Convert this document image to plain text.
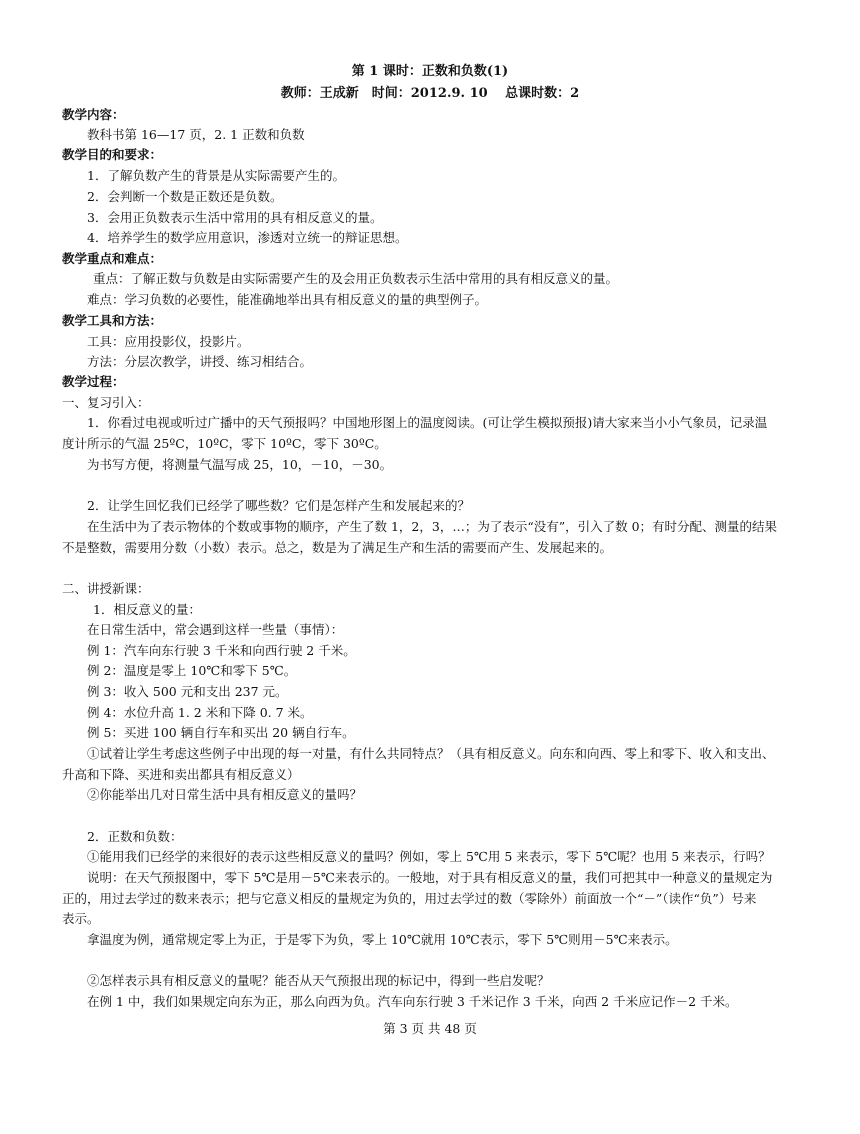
第 1 课时：正数和负数(1)
教师：王成新　时间：2012.9. 10　 总课时数：2
教学内容：
教科书第 16—17 页，2. 1 正数和负数
教学目的和要求：
1．了解负数产生的背景是从实际需要产生的。
2．会判断一个数是正数还是负数。
3．会用正负数表示生活中常用的具有相反意义的量。
4．培养学生的数学应用意识，渗透对立统一的辩证思想。
教学重点和难点：
重点：了解正数与负数是由实际需要产生的及会用正负数表示生活中常用的具有相反意义的量。
难点：学习负数的必要性，能准确地举出具有相反意义的量的典型例子。
教学工具和方法：
工具：应用投影仪，投影片。
方法：分层次教学，讲授、练习相结合。
教学过程：
一、复习引入：
1．你看过电视或听过广播中的天气预报吗？中国地形图上的温度阅读。(可让学生模拟预报)请大家来当小小气象员，记录温
度计所示的气温 25ºC，10ºC，零下 10ºC，零下 30ºC。
为书写方便，将测量气温写成 25，10，－10，－30。
2．让学生回忆我们已经学了哪些数？它们是怎样产生和发展起来的？
在生活中为了表示物体的个数或事物的顺序，产生了数 1，2，3，…；为了表示“没有”，引入了数 0；有时分配、测量的结果
不是整数，需要用分数（小数）表示。总之，数是为了满足生产和生活的需要而产生、发展起来的。
二、讲授新课：
1．相反意义的量：
在日常生活中，常会遇到这样一些量（事情）：
例 1：汽车向东行驶 3 千米和向西行驶 2 千米。
例 2：温度是零上 10℃和零下 5℃。
例 3：收入 500 元和支出 237 元。
例 4：水位升高 1. 2 米和下降 0. 7 米。
例 5：买进 100 辆自行车和买出 20 辆自行车。
①试着让学生考虑这些例子中出现的每一对量，有什么共同特点？（具有相反意义。向东和向西、零上和零下、收入和支出、
升高和下降、买进和卖出都具有相反意义）
②你能举出几对日常生活中具有相反意义的量吗？
2．正数和负数：
①能用我们已经学的来很好的表示这些相反意义的量吗？例如，零上 5℃用 5 来表示，零下 5℃呢？也用 5 来表示，行吗？
说明：在天气预报图中，零下 5℃是用－5℃来表示的。一般地，对于具有相反意义的量，我们可把其中一种意义的量规定为
正的，用过去学过的数来表示；把与它意义相反的量规定为负的，用过去学过的数（零除外）前面放一个“－”（读作“负”）号来
表示。
拿温度为例，通常规定零上为正，于是零下为负，零上 10℃就用 10℃表示，零下 5℃则用－5℃来表示。
②怎样表示具有相反意义的量呢？能否从天气预报出现的标记中，得到一些启发呢？
在例 1 中，我们如果规定向东为正，那么向西为负。汽车向东行驶 3 千米记作 3 千米，向西 2 千米应记作－2 千米。
第 3 页 共 48 页
